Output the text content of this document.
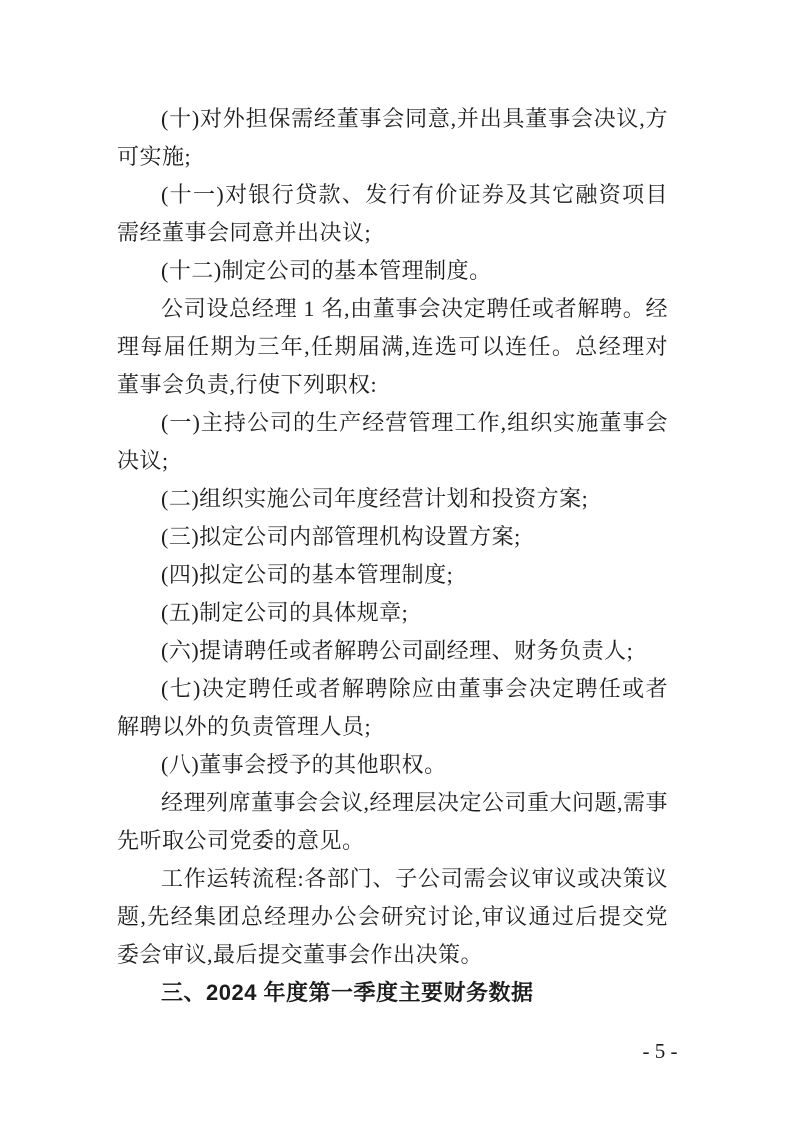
(十)对外担保需经董事会同意,并出具董事会决议,方可实施;

(十一)对银行贷款、发行有价证券及其它融资项目需经董事会同意并出决议;

(十二)制定公司的基本管理制度。

公司设总经理 1 名,由董事会决定聘任或者解聘。经理每届任期为三年,任期届满,连选可以连任。总经理对董事会负责,行使下列职权:

(一)主持公司的生产经营管理工作,组织实施董事会决议;

(二)组织实施公司年度经营计划和投资方案;

(三)拟定公司内部管理机构设置方案;

(四)拟定公司的基本管理制度;

(五)制定公司的具体规章;

(六)提请聘任或者解聘公司副经理、财务负责人;

(七)决定聘任或者解聘除应由董事会决定聘任或者解聘以外的负责管理人员;

(八)董事会授予的其他职权。

经理列席董事会会议,经理层决定公司重大问题,需事先听取公司党委的意见。

工作运转流程:各部门、子公司需会议审议或决策议题,先经集团总经理办公会研究讨论,审议通过后提交党委会审议,最后提交董事会作出决策。

三、2024 年度第一季度主要财务数据

- 5 -
